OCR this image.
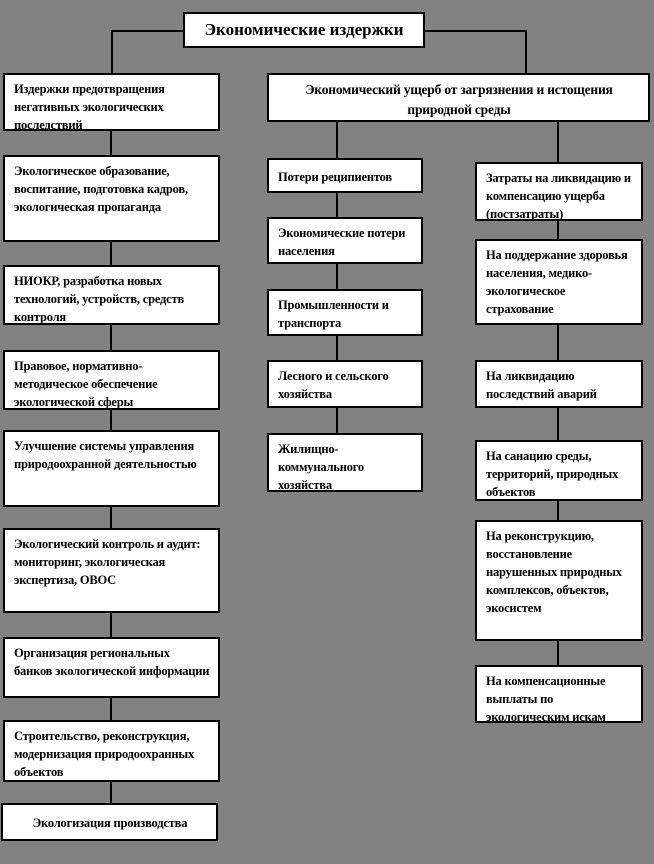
Экономические издержки
Издержки предотвращения негативных экологических последствий
Экологическое образование, воспитание, подготовка кадров, экологическая пропаганда
НИОКР, разработка новых технологий, устройств, средств контроля
Правовое, нормативно-методическое обеспечение экологической сферы
Улучшение системы управления природоохранной деятельностью
Экологический контроль и аудит: мониторинг, экологическая экспертиза, ОВОС
Организация региональных банков экологической информации
Строительство, реконструкция, модернизация природоохранных объектов
Экологизация производства
Экономический ущерб от загрязнения и истощения природной среды
Потери реципиентов
Экономические потери населения
Промышленности и транспорта
Лесного и сельского хозяйства
Жилищно-коммунального хозяйства
Затраты на ликвидацию и компенсацию ущерба (постзатраты)
На поддержание здоровья населения, медико-экологическое страхование
На ликвидацию последствий аварий
На санацию среды, территорий, природных объектов
На реконструкцию, восстановление нарушенных природных комплексов, объектов, экосистем
На компенсационные выплаты по экологическим искам
